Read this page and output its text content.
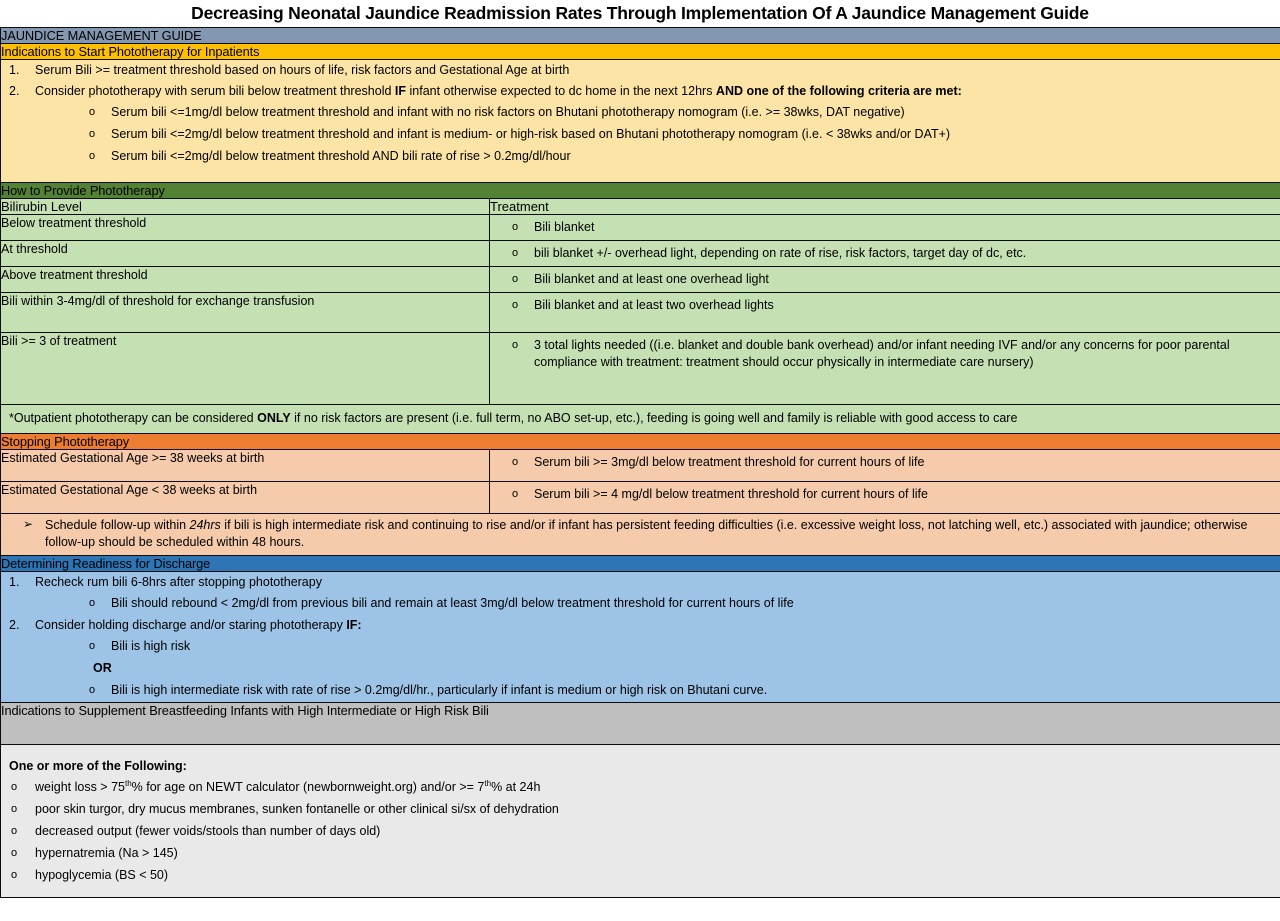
Decreasing Neonatal Jaundice Readmission Rates Through Implementation Of A Jaundice Management Guide
JAUNDICE MANAGEMENT GUIDE	
Indications to Start Phototherapy for Inpatients	

1.	Serum Bili >= treatment threshold based on hours of life, risk factors and Gestational Age at birth
2.	Consider phototherapy with serum bili below treatment threshold IF infant otherwise expected to dc home in the next 12hrs AND one of the following criteria are met:
o Serum bili <=1mg/dl below treatment threshold and infant with no risk factors on Bhutani phototherapy nomogram (i.e. >= 38wks, DAT negative)
o Serum bili <=2mg/dl below treatment threshold and infant is medium- or high-risk based on Bhutani phototherapy nomogram (i.e. < 38wks and/or DAT+)
o Serum bili <=2mg/dl below treatment threshold AND bili rate of rise > 0.2mg/dl/hour

How to Provide Phototherapy	
Bilirubin Level	Treatment
Below treatment threshold	o Bili blanket

At threshold	o bili blanket +/- overhead light, depending on rate of rise, risk factors, target day of dc, etc.

Above treatment threshold	o Bili blanket and at least one overhead light

Bili within 3-4mg/dl of threshold for exchange transfusion	o Bili blanket and at least two overhead lights

Bili >= 3 of treatment	o 3 total lights needed ((i.e. blanket and double bank overhead) and/or infant needing IVF and/or any concerns for poor parental compliance with treatment: treatment should occur physically in intermediate care nursery)

*Outpatient phototherapy can be considered ONLY if no risk factors are present (i.e. full term, no ABO set-up, etc.), feeding is going well and family is reliable with good access to care	

Stopping Phototherapy	
Estimated Gestational Age >= 38 weeks at birth	o Serum bili >= 3mg/dl below treatment threshold for current hours of life

Estimated Gestational Age < 38 weeks at birth	o Serum bili >= 4 mg/dl below treatment threshold for current hours of life

➢ Schedule follow-up within 24hrs if bili is high intermediate risk and continuing to rise and/or if infant has persistent feeding difficulties (i.e. excessive weight loss, not latching well, etc.) associated with jaundice; otherwise follow-up should be scheduled within 48 hours.

Determining Readiness for Discharge	

1.	Recheck rum bili 6-8hrs after stopping phototherapy
o Bili should rebound < 2mg/dl from previous bili and remain at least 3mg/dl below treatment threshold for current hours of life
2.	Consider holding discharge and/or staring phototherapy IF:
o Bili is high risk
OR
o Bili is high intermediate risk with rate of rise > 0.2mg/dl/hr., particularly if infant is medium or high risk on Bhutani curve.

Indications to Supplement Breastfeeding Infants with High Intermediate or High Risk Bili	

One or more of the Following:
o weight loss > 75th% for age on NEWT calculator (newbornweight.org) and/or >= 7th% at 24h
o poor skin turgor, dry mucus membranes, sunken fontanelle or other clinical si/sx of dehydration
o decreased output (fewer voids/stools than number of days old)
o hypernatremia (Na > 145)
o hypoglycemia (BS < 50)
